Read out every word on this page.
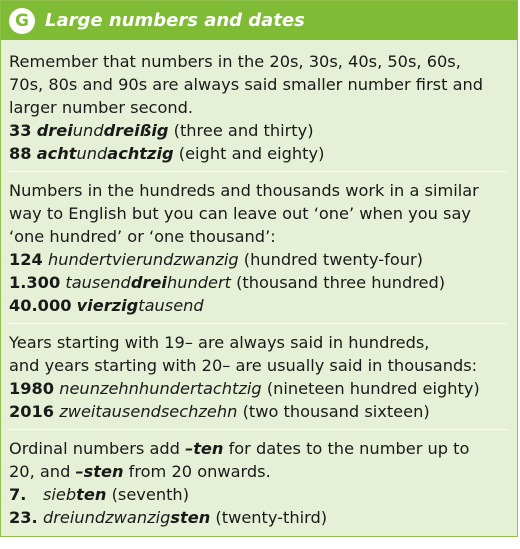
G Large numbers and dates
Remember that numbers in the 20s, 30s, 40s, 50s, 60s,
70s, 80s and 90s are always said smaller number first and
larger number second.
33 dreiunddreißig (three and thirty)
88 achtundachtzig (eight and eighty)
Numbers in the hundreds and thousands work in a similar
way to English but you can leave out ‘one’ when you say
‘one hundred’ or ‘one thousand’:
124 hundertvierundzwanzig (hundred twenty-four)
1.300 tausenddreihundert (thousand three hundred)
40.000 vierzigtausend
Years starting with 19– are always said in hundreds,
and years starting with 20– are usually said in thousands:
1980 neunzehnhundertachtzig (nineteen hundred eighty)
2016 zweitausendsechzehn (two thousand sixteen)
Ordinal numbers add –ten for dates to the number up to
20, and –sten from 20 onwards.
7. siebten (seventh)
23. dreiundzwanzigsten (twenty-third)
